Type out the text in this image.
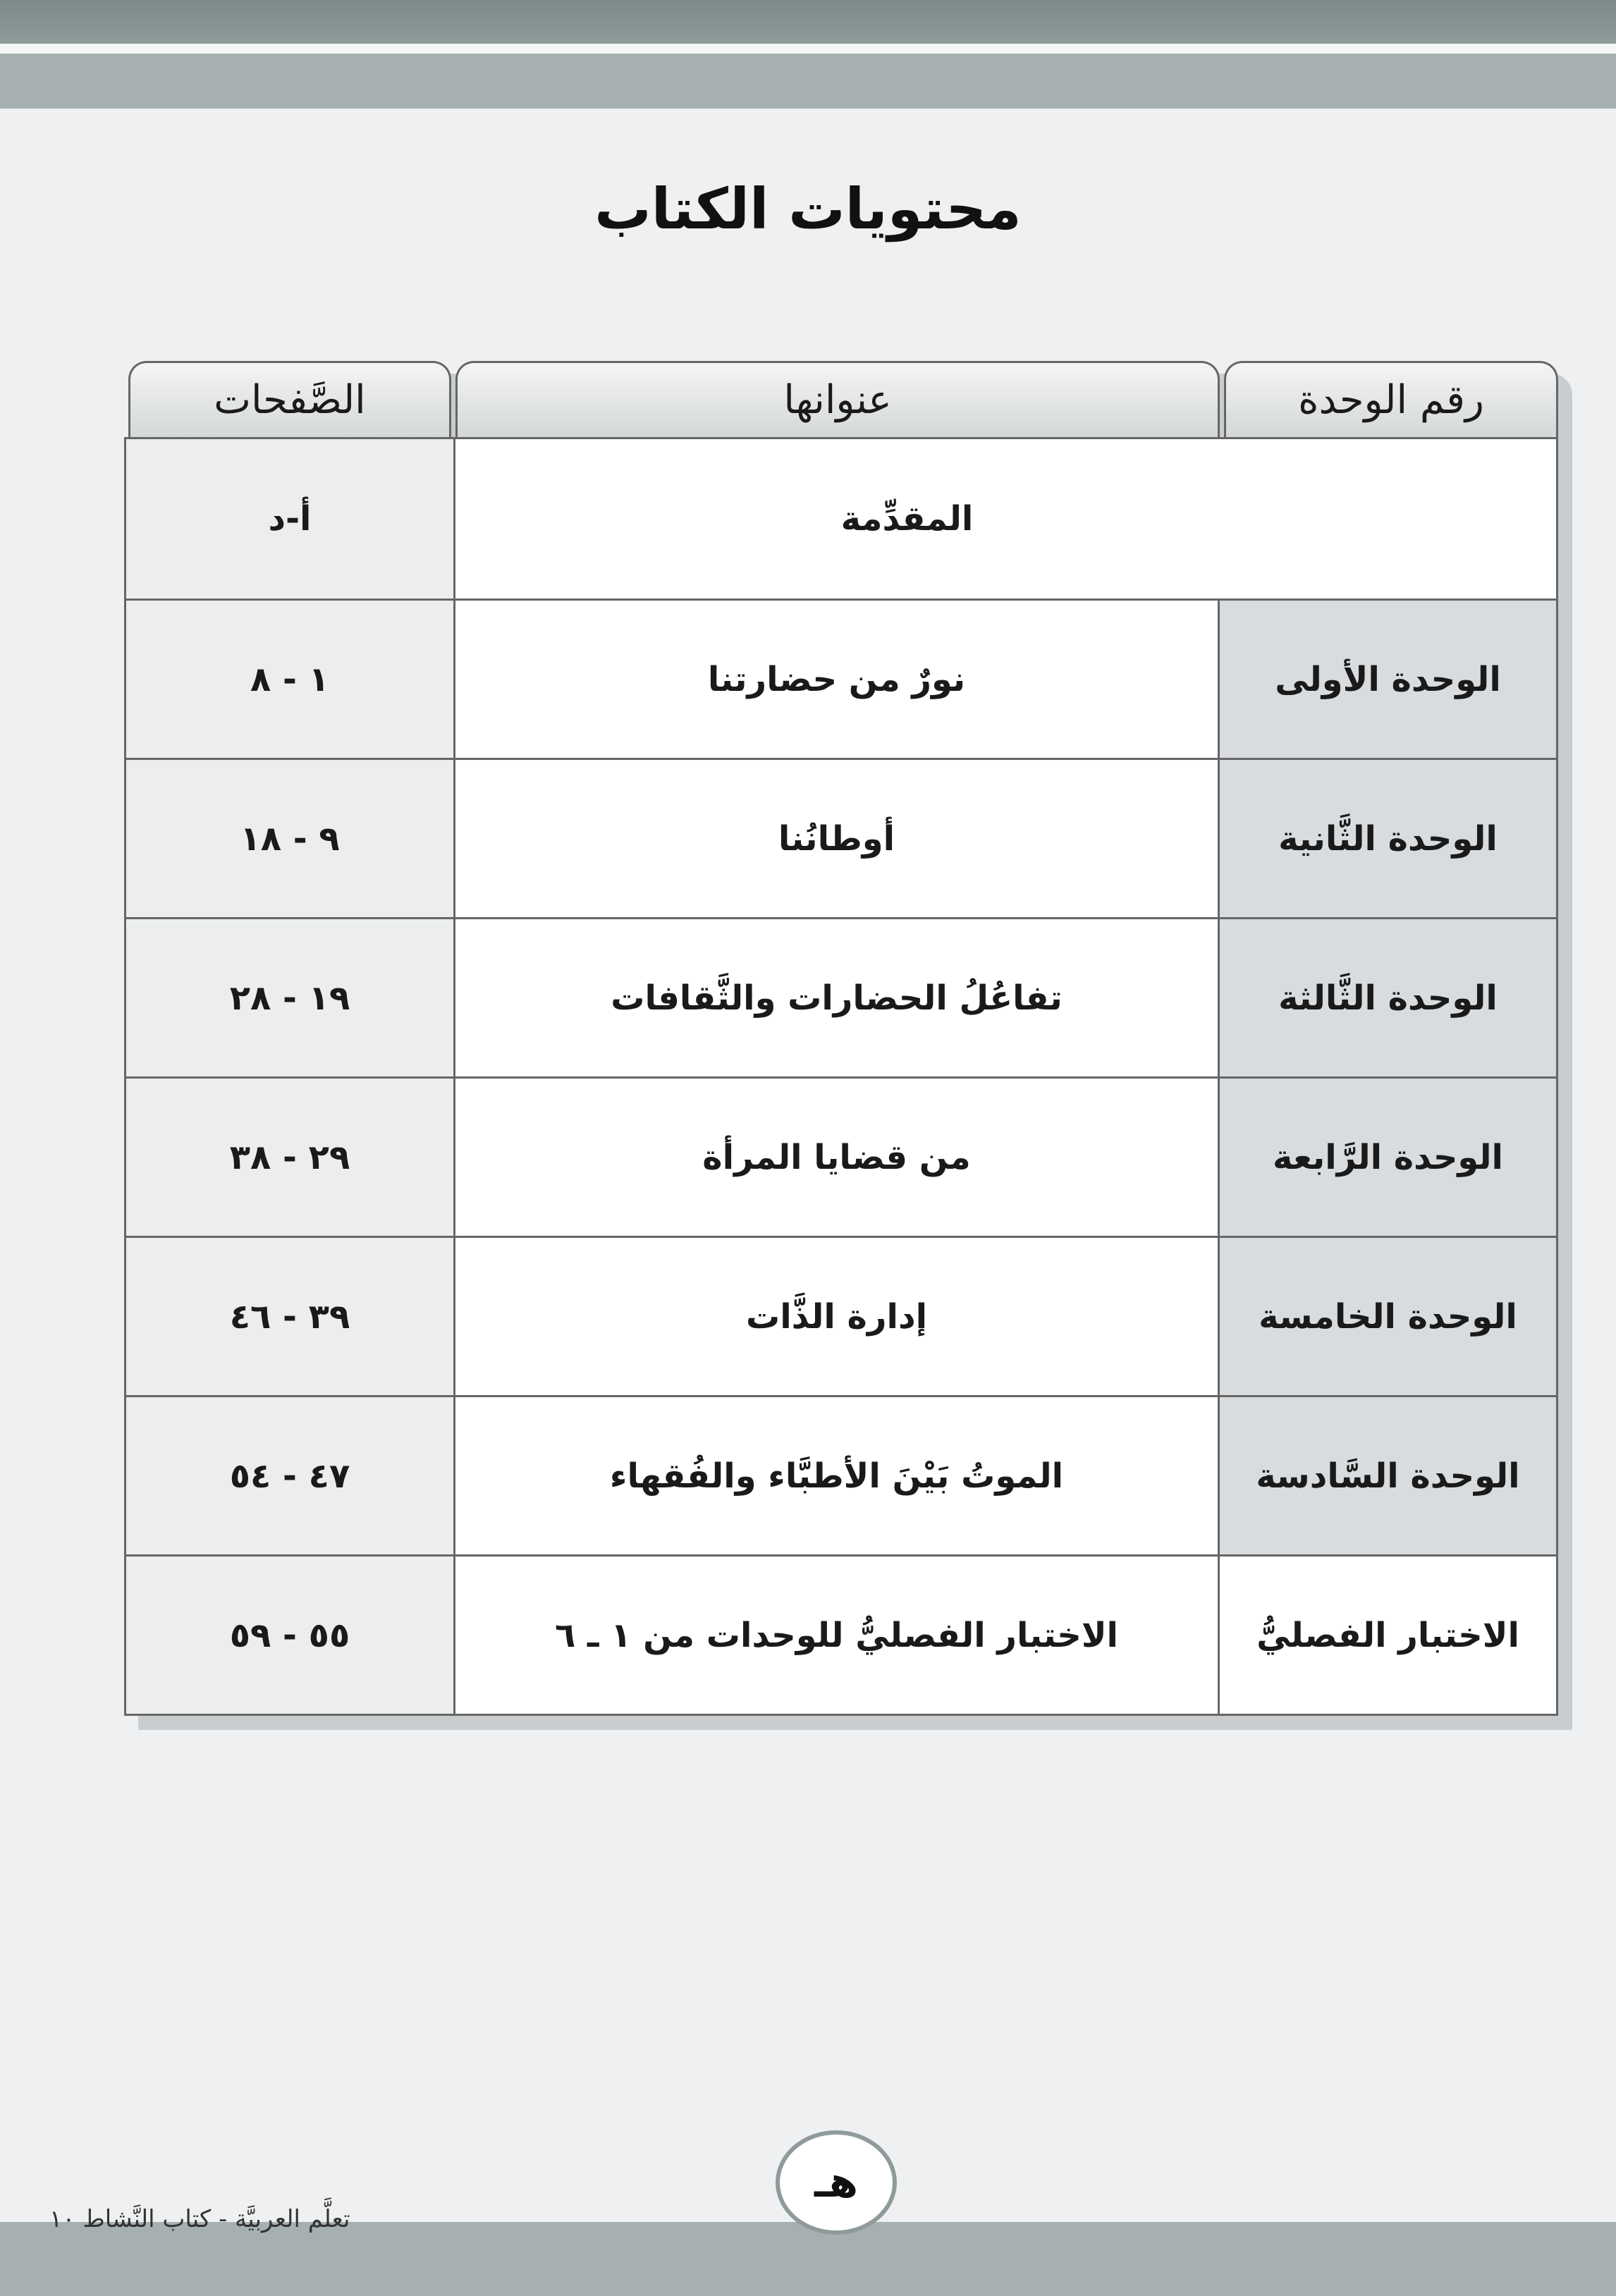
محتويات الكتاب
رقم الوحدة
عنوانها
الصَّفحات
المقدِّمة
أ-د
الوحدة الأولى
نورٌ من حضارتنا
١ - ٨
الوحدة الثَّانية
أوطانُنا
٩ - ١٨
الوحدة الثَّالثة
تفاعُلُ الحضارات والثَّقافات
١٩ - ٢٨
الوحدة الرَّابعة
من قضايا المرأة
٢٩ - ٣٨
الوحدة الخامسة
إدارة الذَّات
٣٩ - ٤٦
الوحدة السَّادسة
الموتُ بَيْنَ الأطبَّاء والفُقهاء
٤٧ - ٥٤
الاختبار الفصليُّ
الاختبار الفصليُّ للوحدات من ١ ـ ٦
٥٥ - ٥٩
هـ
تعلَّم العربيَّة - كتاب النَّشاط ١٠
